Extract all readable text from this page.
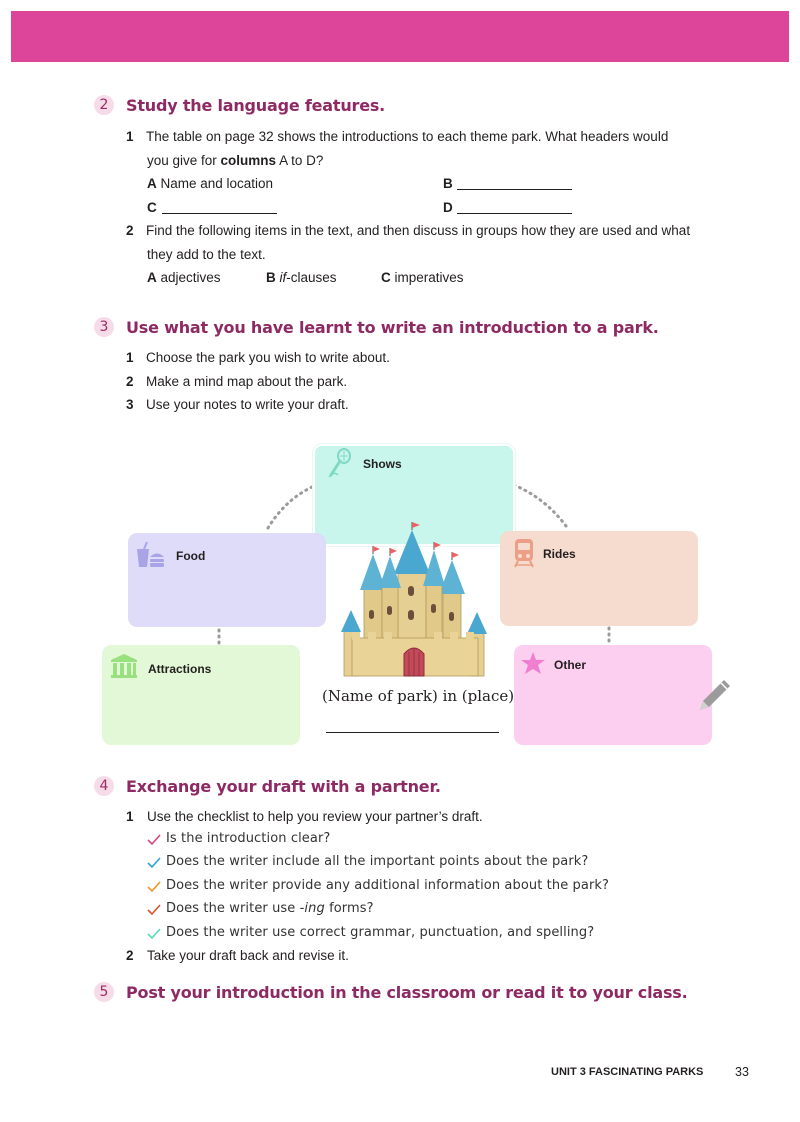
2	Study the language features.
1 The table on page 32 shows the introductions to each theme park. What headers would
you give for columns A to D?
A Name and location	B
C	D
2 Find the following items in the text, and then discuss in groups how they are used and what
they add to the text.
A adjectives	B if-clauses	C imperatives
3	Use what you have learnt to write an introduction to a park.
1 Choose the park you wish to write about.
2 Make a mind map about the park.
3 Use your notes to write your draft.
Shows
Food	Rides
Attractions	Other
(Name of park) in (place)
4	Exchange your draft with a partner.
1 Use the checklist to help you review your partner’s draft.
Is the introduction clear?
Does the writer include all the important points about the park?
Does the writer provide any additional information about the park?
Does the writer use -ing forms?
Does the writer use correct grammar, punctuation, and spelling?
2 Take your draft back and revise it.
5	Post your introduction in the classroom or read it to your class.
UNIT 3 FASCINATING PARKS	33
